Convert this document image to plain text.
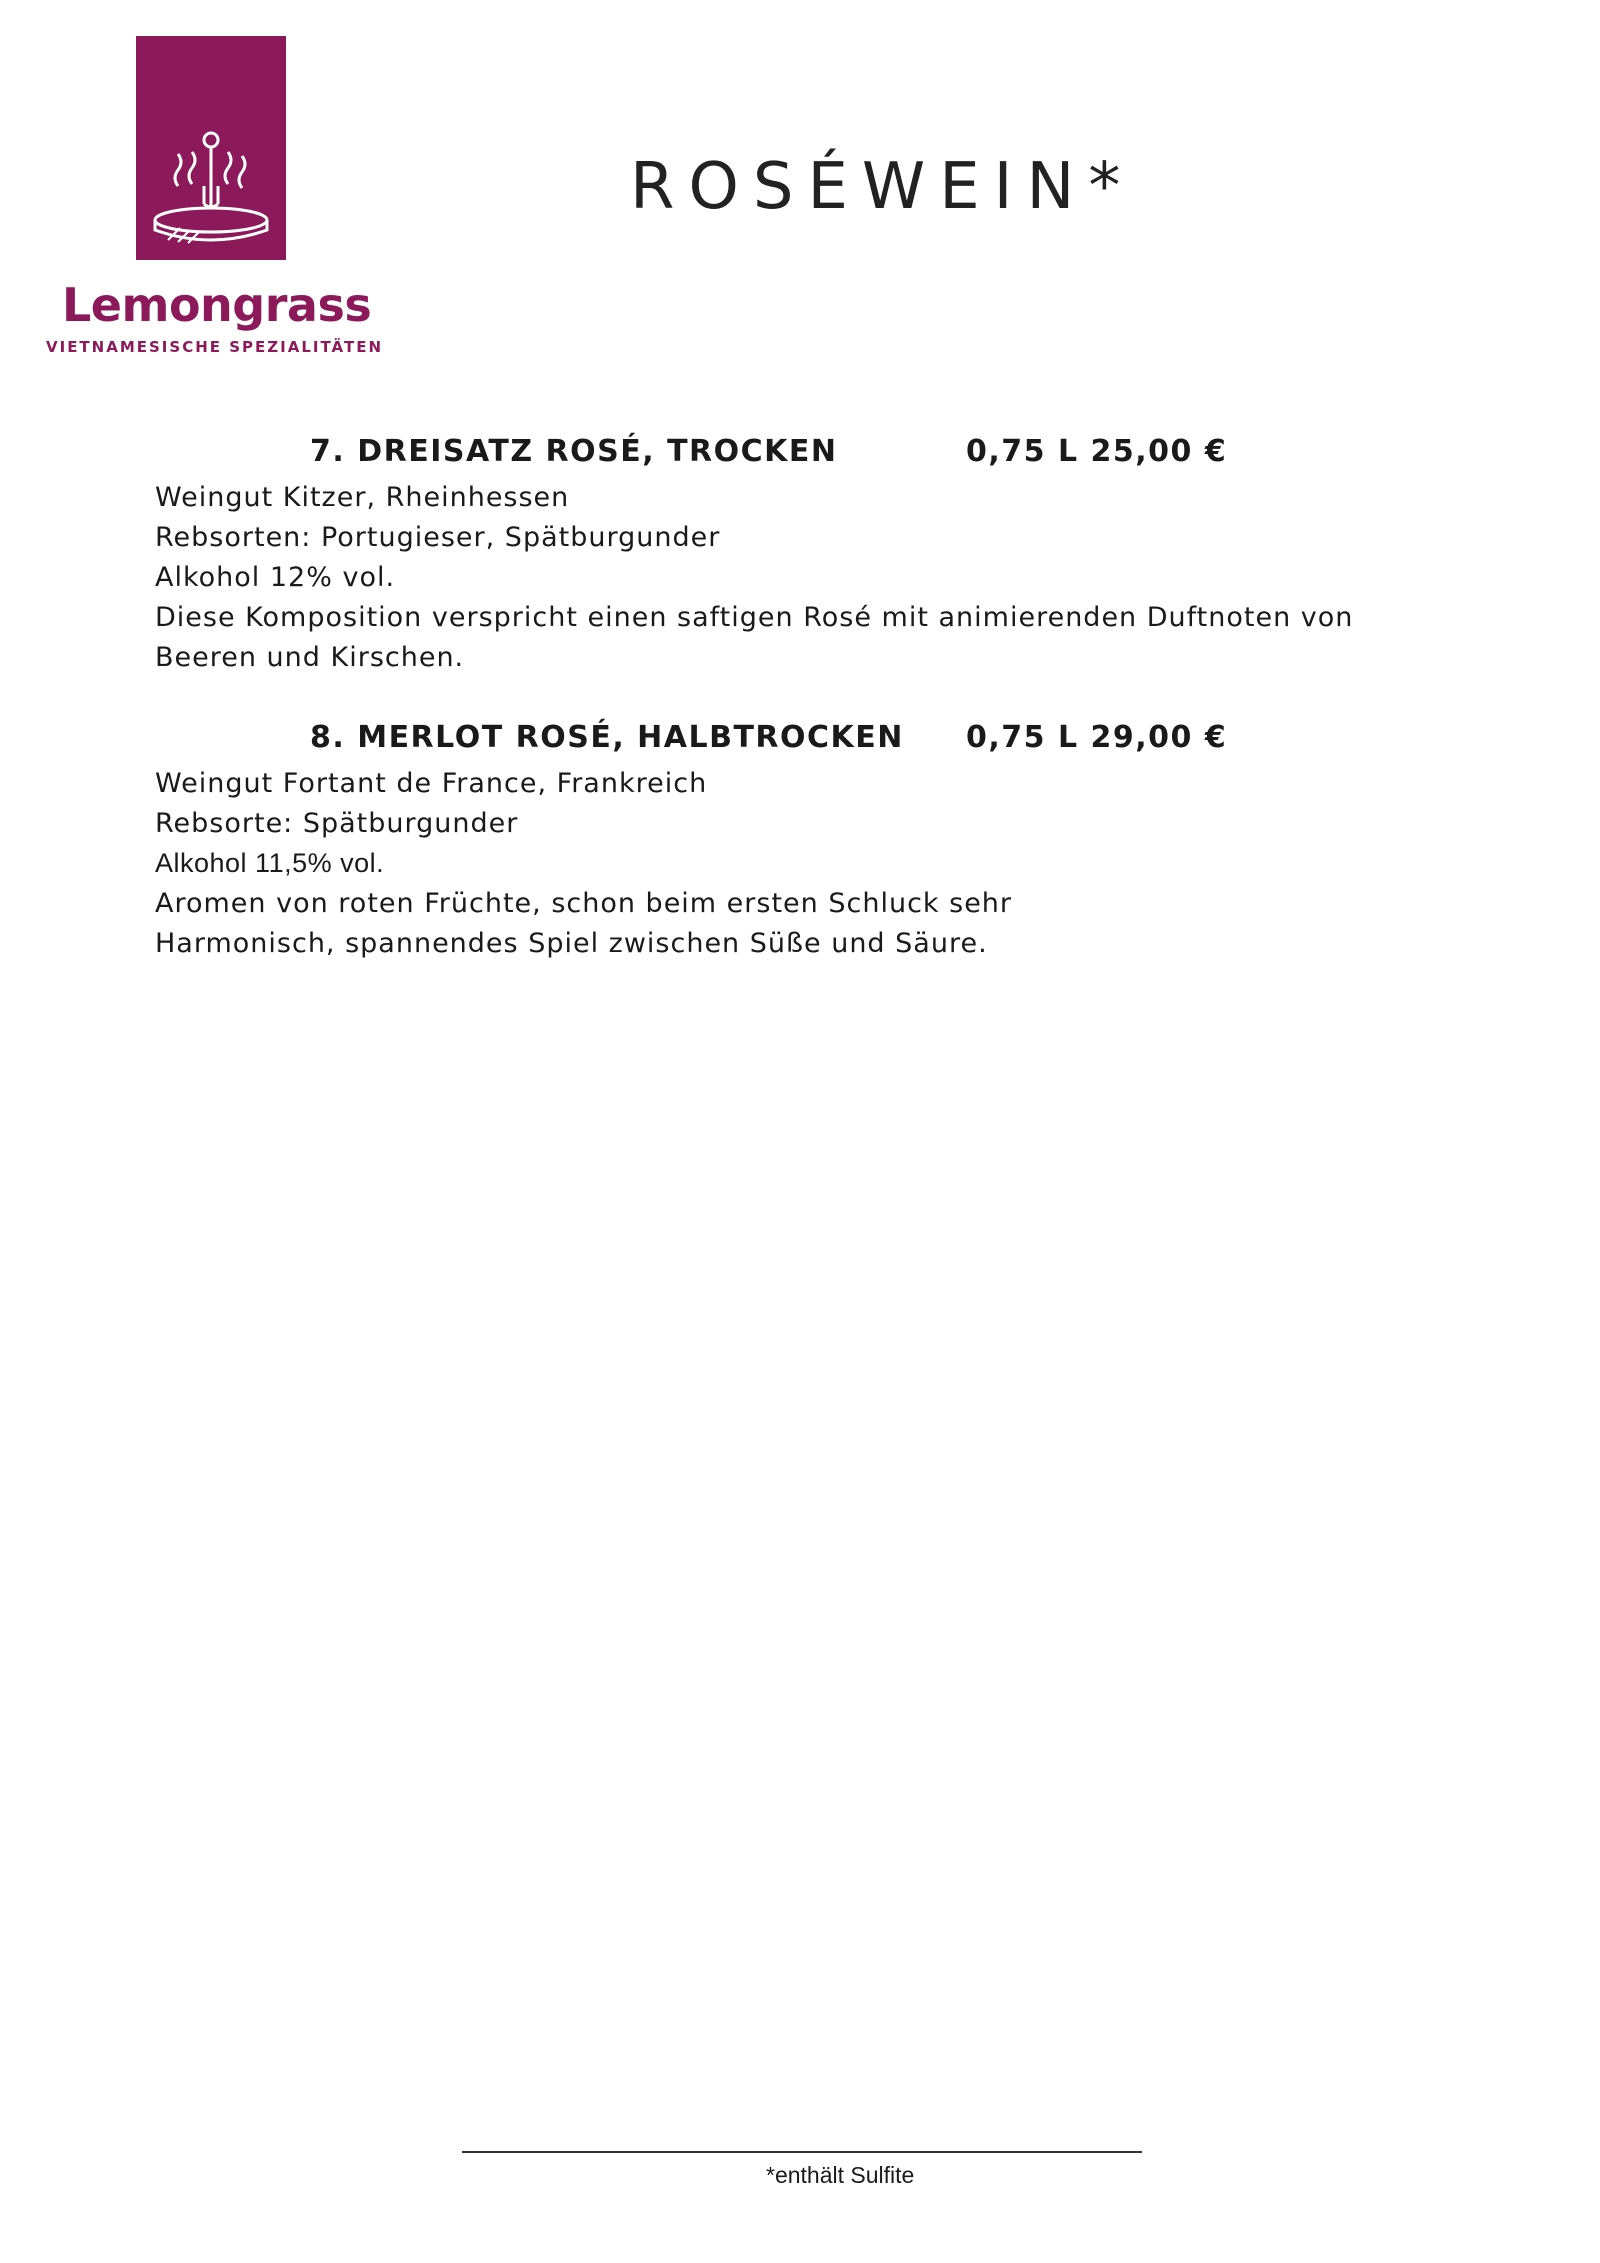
Lemongrass
VIETNAMESISCHE SPEZIALITÄTEN
ROSÉWEIN*
7. DREISATZ ROSÉ, TROCKEN	0,75 L 25,00 €
Weingut Kitzer, Rheinhessen
Rebsorten: Portugieser, Spätburgunder
Alkohol 12% vol.
Diese Komposition verspricht einen saftigen Rosé mit animierenden Duftnoten von
Beeren und Kirschen.
8. MERLOT ROSÉ, HALBTROCKEN 0,75 L 29,00 €
Weingut Fortant de France, Frankreich
Rebsorte: Spätburgunder
Alkohol 11,5% vol.
Aromen von roten Früchte, schon beim ersten Schluck sehr
Harmonisch, spannendes Spiel zwischen Süße und Säure.
*enthält Sulfite
